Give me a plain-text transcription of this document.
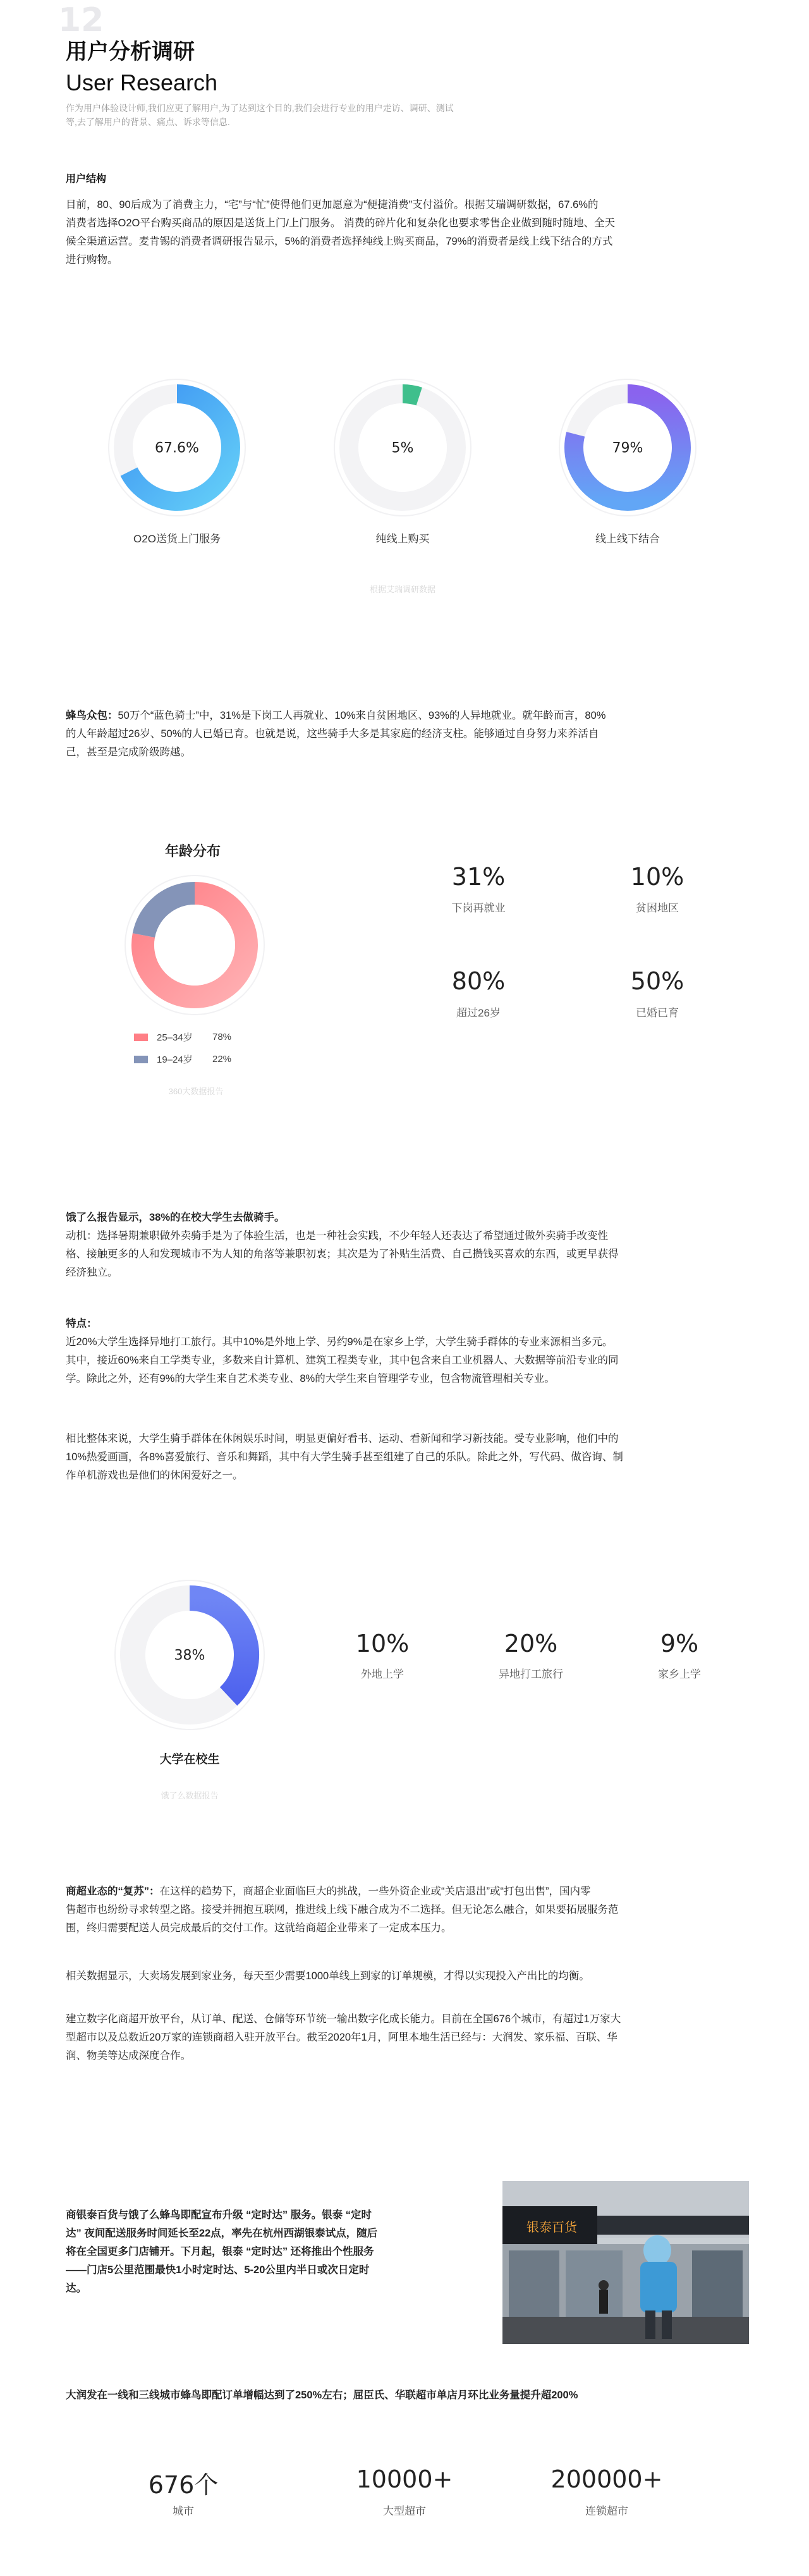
12
用户分析调研
User Research
作为用户体验设计师,我们应更了解用户,为了达到这个目的,我们会进行专业的用户走访、调研、测试
等,去了解用户的背景、痛点、诉求等信息.
用户结构
目前，80、90后成为了消费主力，“宅”与“忙”使得他们更加愿意为“便捷消费”支付溢价。根据艾瑞调研数据，67.6%的
消费者选择O2O平台购买商品的原因是送货上门/上门服务。 消费的碎片化和复杂化也要求零售企业做到随时随地、全天
候全渠道运营。麦肯锡的消费者调研报告显示，5%的消费者选择纯线上购买商品，79%的消费者是线上线下结合的方式
进行购物。
67.6%	5%	79%
O2O送货上门服务	纯线上购买	线上线下结合
根据艾瑞调研数据
蜂鸟众包：50万个“蓝色骑士”中，31%是下岗工人再就业、10%来自贫困地区、93%的人异地就业。就年龄而言，80%
的人年龄超过26岁、50%的人已婚已育。也就是说，这些骑手大多是其家庭的经济支柱。能够通过自身努力来养活自
己，甚至是完成阶级跨越。
年龄分布
25–34岁	78%
19–24岁	22%
360大数据报告
31%
下岗再就业
10%
贫困地区
80%
超过26岁
50%
已婚已育
饿了么报告显示，38%的在校大学生去做骑手。
动机：选择暑期兼职做外卖骑手是为了体验生活，也是一种社会实践，不少年轻人还表达了希望通过做外卖骑手改变性
格、接触更多的人和发现城市不为人知的角落等兼职初衷；其次是为了补贴生活费、自己攒钱买喜欢的东西，或更早获得
经济独立。
特点：
近20%大学生选择异地打工旅行。其中10%是外地上学、另约9%是在家乡上学，大学生骑手群体的专业来源相当多元。
其中，接近60%来自工学类专业，多数来自计算机、建筑工程类专业，其中包含来自工业机器人、大数据等前沿专业的同
学。除此之外，还有9%的大学生来自艺术类专业、8%的大学生来自管理学专业，包含物流管理相关专业。
相比整体来说，大学生骑手群体在休闲娱乐时间，明显更偏好看书、运动、看新闻和学习新技能。受专业影响，他们中的
10%热爱画画，各8%喜爱旅行、音乐和舞蹈，其中有大学生骑手甚至组建了自己的乐队。除此之外，写代码、做咨询、制
作单机游戏也是他们的休闲爱好之一。
38%
大学在校生
饿了么数据报告
10%
外地上学
20%
异地打工旅行
9%
家乡上学
商超业态的“复苏”：在这样的趋势下，商超企业面临巨大的挑战，一些外资企业或“关店退出”或“打包出售”，国内零
售超市也纷纷寻求转型之路。接受并拥抱互联网，推进线上线下融合成为不二选择。但无论怎么融合，如果要拓展服务范
围，终归需要配送人员完成最后的交付工作。这就给商超企业带来了一定成本压力。
相关数据显示，大卖场发展到家业务，每天至少需要1000单线上到家的订单规模，才得以实现投入产出比的均衡。
建立数字化商超开放平台，从订单、配送、仓储等环节统一输出数字化成长能力。目前在全国676个城市，有超过1万家大
型超市以及总数近20万家的连锁商超入驻开放平台。截至2020年1月，阿里本地生活已经与：大润发、家乐福、百联、华
润、物美等达成深度合作。
商银泰百货与饿了么蜂鸟即配宣布升级 “定时达” 服务。银泰 “定时
达” 夜间配送服务时间延长至22点，率先在杭州西湖银泰试点，随后
将在全国更多门店铺开。下月起，银泰 “定时达” 还将推出个性服务
——门店5公里范围最快1小时定时达、5-20公里内半日或次日定时
达。
银泰百货
大润发在一线和三线城市蜂鸟即配订单增幅达到了250%左右；屈臣氏、华联超市单店月环比业务量提升超200%
676个
城市
10000+
大型超市
200000+
连锁超市
